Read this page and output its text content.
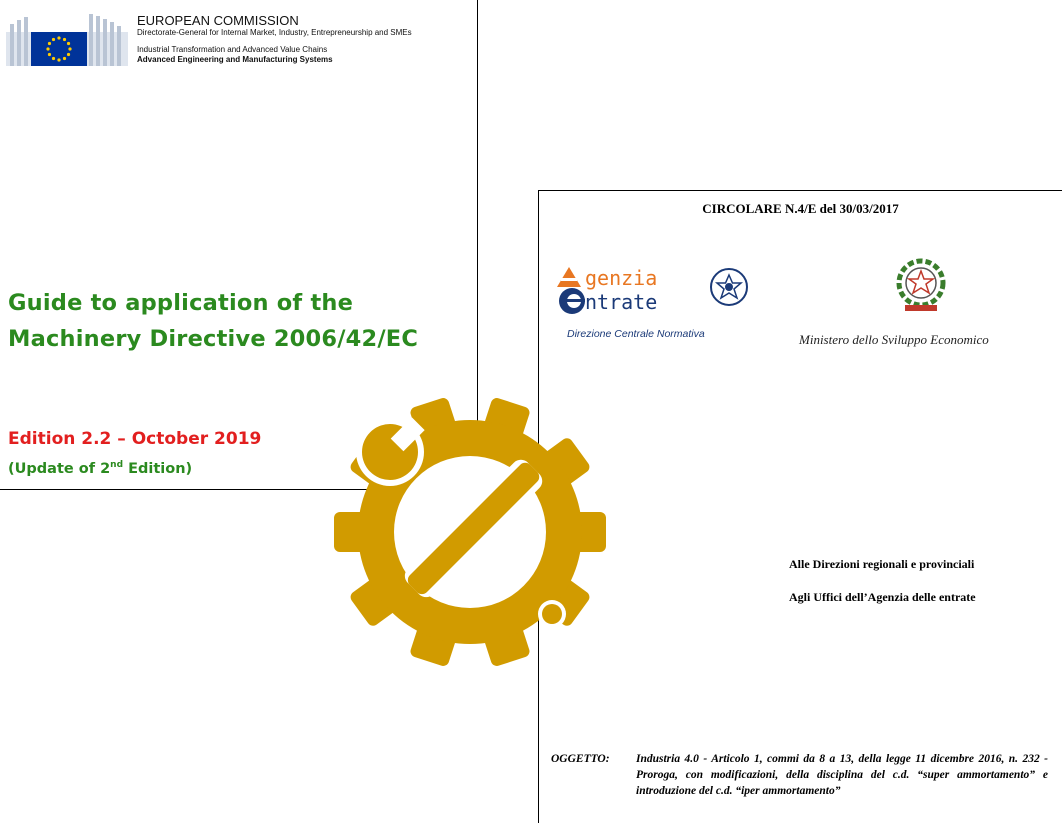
EUROPEAN COMMISSION
Directorate-General for Internal Market, Industry, Entrepreneurship and SMEs
Industrial Transformation and Advanced Value Chains
Advanced Engineering and Manufacturing Systems
Guide to application of the
Machinery Directive 2006/42/EC
Edition 2.2 – October 2019
(Update of 2nd Edition)
CIRCOLARE N.4/E del 30/03/2017
genzia
ntrate
Direzione Centrale Normativa	Ministero dello Sviluppo Economico
Alle Direzioni regionali e provinciali
Agli Uffici dell’Agenzia delle entrate
OGGETTO: Industria 4.0 - Articolo 1, commi da 8 a 13, della legge 11 dicembre 2016, n. 232 - Proroga, con modificazioni, della disciplina del c.d. “super ammortamento” e introduzione del c.d. “iper ammortamento”
